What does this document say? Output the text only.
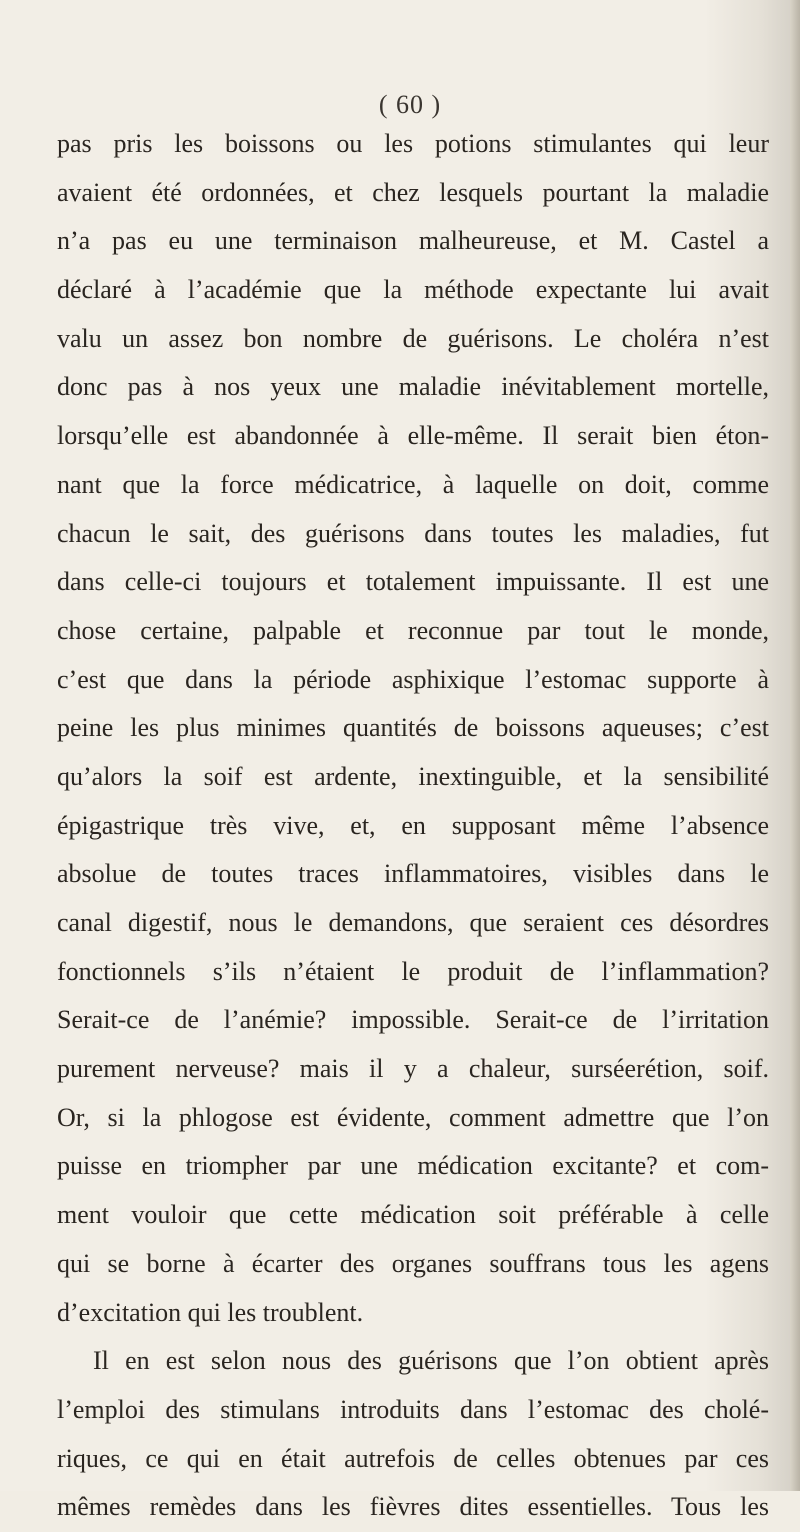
( 60 )
pas pris les boissons ou les potions stimulantes qui leur
avaient été ordonnées, et chez lesquels pourtant la maladie
n’a pas eu une terminaison malheureuse, et M. Castel a
déclaré à l’académie que la méthode expectante lui avait
valu un assez bon nombre de guérisons. Le choléra n’est
donc pas à nos yeux une maladie inévitablement mortelle,
lorsqu’elle est abandonnée à elle-même. Il serait bien éton-
nant que la force médicatrice, à laquelle on doit, comme
chacun le sait, des guérisons dans toutes les maladies, fut
dans celle-ci toujours et totalement impuissante. Il est une
chose certaine, palpable et reconnue par tout le monde,
c’est que dans la période asphixique l’estomac supporte à
peine les plus minimes quantités de boissons aqueuses; c’est
qu’alors la soif est ardente, inextinguible, et la sensibilité
épigastrique très vive, et, en supposant même l’absence
absolue de toutes traces inflammatoires, visibles dans le
canal digestif, nous le demandons, que seraient ces désordres
fonctionnels s’ils n’étaient le produit de l’inflammation?
Serait-ce de l’anémie? impossible. Serait-ce de l’irritation
purement nerveuse? mais il y a chaleur, surséerétion, soif.
Or, si la phlogose est évidente, comment admettre que l’on
puisse en triompher par une médication excitante? et com-
ment vouloir que cette médication soit préférable à celle
qui se borne à écarter des organes souffrans tous les agens
d’excitation qui les troublent.
Il en est selon nous des guérisons que l’on obtient après
l’emploi des stimulans introduits dans l’estomac des cholé-
riques, ce qui en était autrefois de celles obtenues par ces
mêmes remèdes dans les fièvres dites essentielles. Tous les
